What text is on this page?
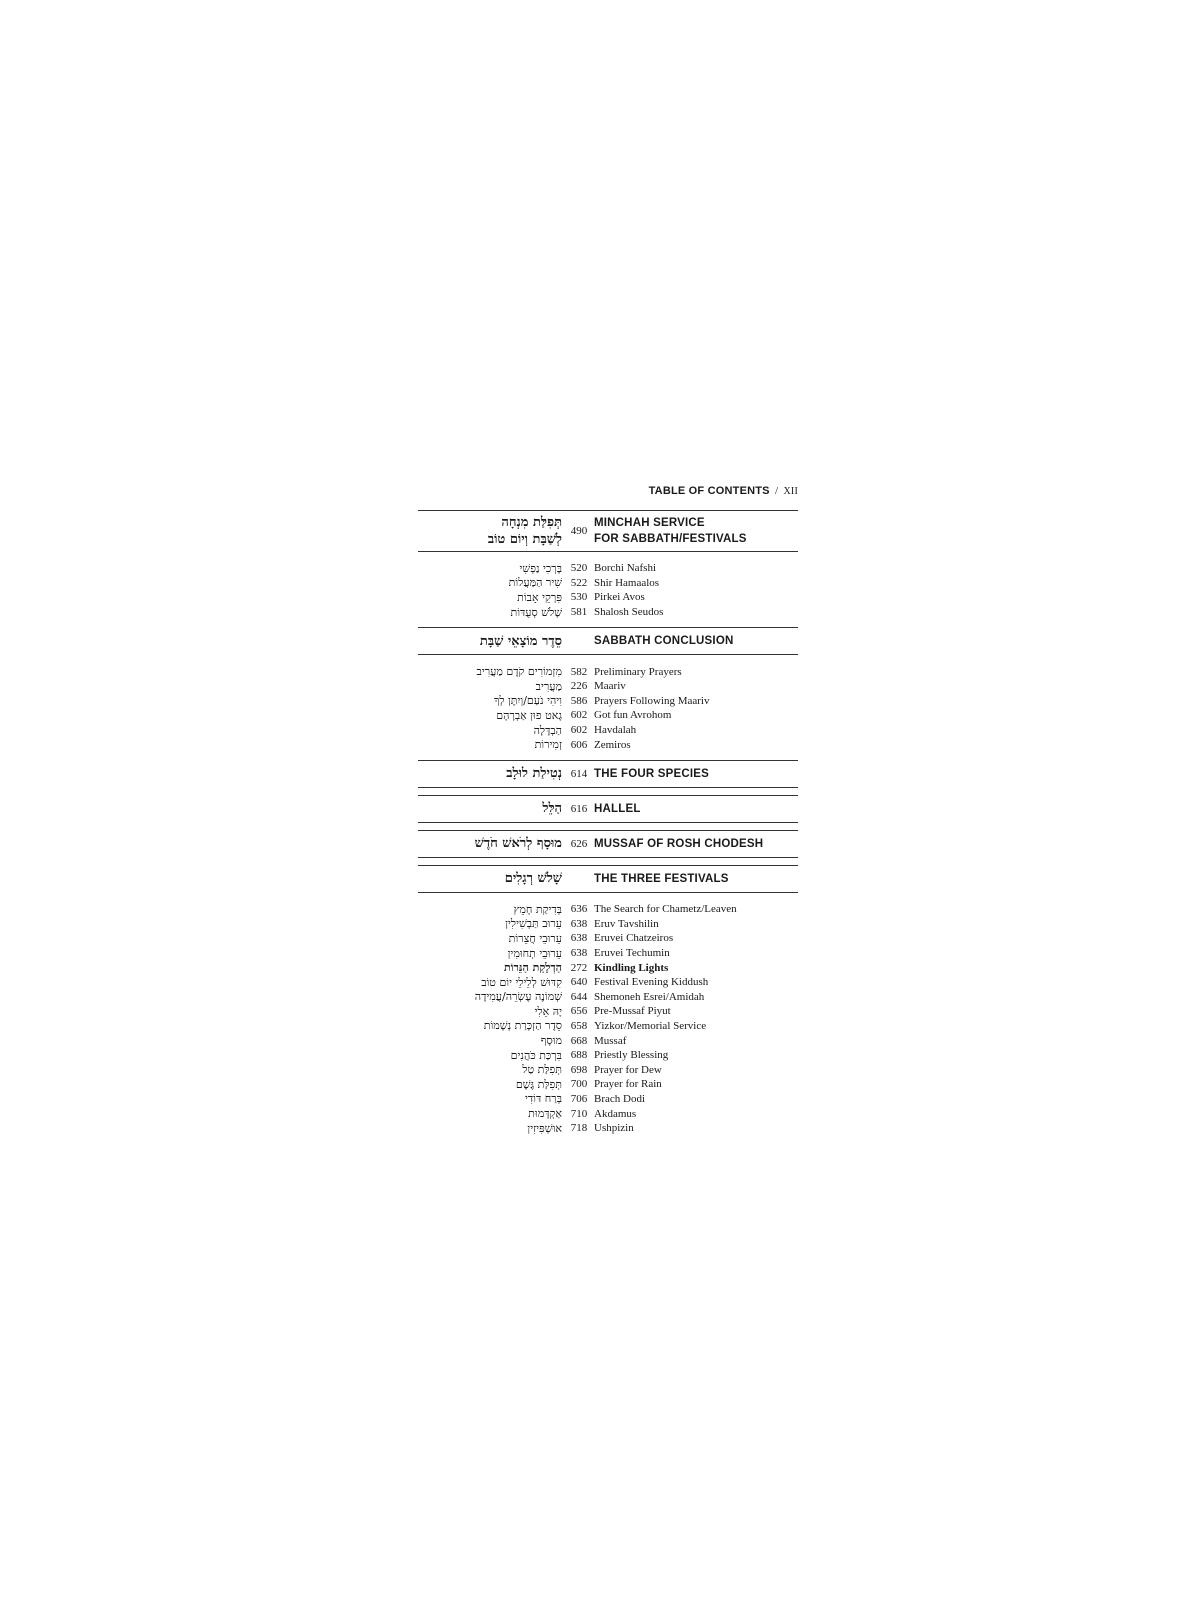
TABLE OF CONTENTS / XII
תְּפִלַּת מִנְחָה
לְשַׁבָּת וְיוֹם טוֹב
490
MINCHAH SERVICE
FOR SABBATH/FESTIVALS
בָּרְכִי נַפְשִׁי 520 Borchi Nafshi
שִׁיר הַמַּעֲלוֹת 522 Shir Hamaalos
פִּרְקֵי אָבוֹת 530 Pirkei Avos
שָׁלֹשׁ סְעֻדּוֹת 581 Shalosh Seudos
סֵדֶר מוֹצָאֵי שַׁבָּת	SABBATH CONCLUSION
מִזְמוֹרִים קֹדֶם מַעֲרִיב 582 Preliminary Prayers
מַעֲרִיב 226 Maariv
וִיהִי נֹעַם/וְיִתֶּן לְךָ 586 Prayers Following Maariv
גָאט פוּן אַבְרָהָם 602 Got fun Avrohom
הַבְדָּלָה 602 Havdalah
זְמִירוֹת 606 Zemiros
נְטִילַת לוּלָב 614 THE FOUR SPECIES
הַלֵּל 616 HALLEL
מוּסָף לְרֹאשׁ חֹדֶשׁ 626 MUSSAF OF ROSH CHODESH
שָׁלֹשׁ רְגָלִים	THE THREE FESTIVALS
בְּדִיקַת חָמֵץ 636 The Search for Chametz/Leaven
עֵרוּב תַּבְשִׁילִין 638 Eruv Tavshilin
עֵרוּבֵי חֲצֵרוֹת 638 Eruvei Chatzeiros
עֵרוּבֵי תְחוּמִין 638 Eruvei Techumin
הַדְלָקַת הַנֵּרוֹת 272 Kindling Lights
קִדּוּשׁ לְלֵילֵי יוֹם טוֹב 640 Festival Evening Kiddush
שְׁמוֹנֶה עֶשְׂרֵה/עֲמִידָה 644 Shemoneh Esrei/Amidah
יָהּ אֵלִי 656 Pre-Mussaf Piyut
סֵדֶר הַזְכָּרַת נְשָׁמוֹת 658 Yizkor/Memorial Service
מוּסָף 668 Mussaf
בִּרְכַּת כֹּהֲנִים 688 Priestly Blessing
תְּפִלַּת טַל 698 Prayer for Dew
תְּפִלַּת גֶּשֶׁם 700 Prayer for Rain
בְּרַח דּוֹדִי 706 Brach Dodi
אַקְדָּמוּת 710 Akdamus
אוּשְׁפִּיזִין 718 Ushpizin
